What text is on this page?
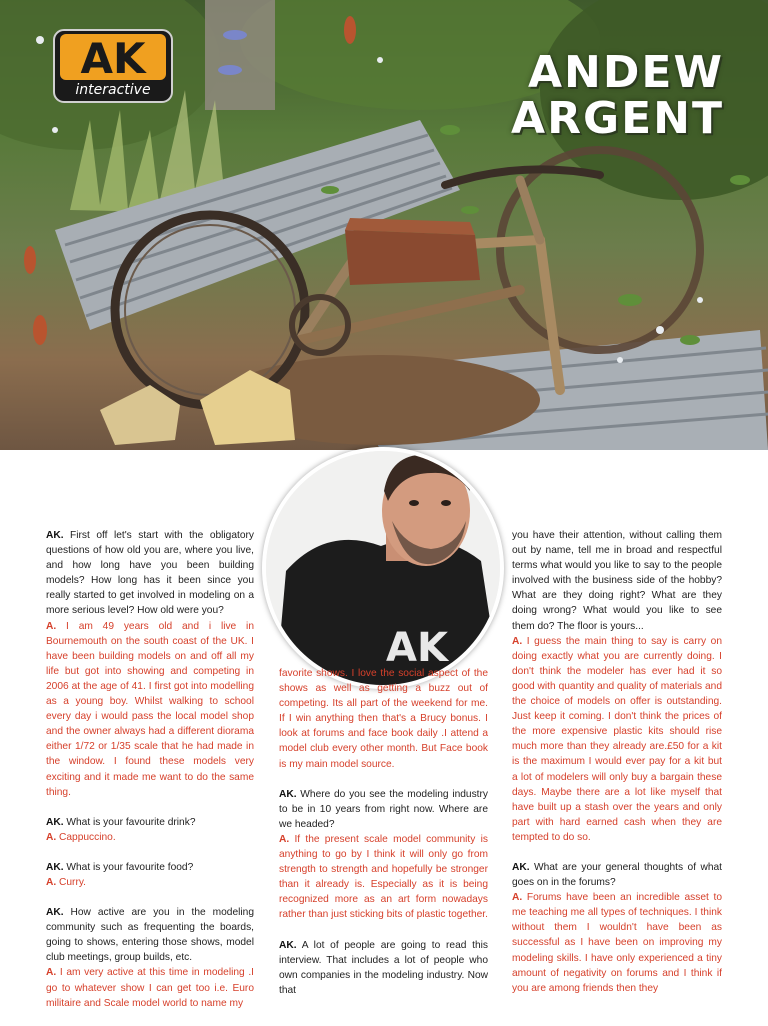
AK
interactive	ANDEW
ARGENT
AK

AK. First off let's start with the obligatory questions of how old you are, where you live, and how long have you been building models? How long has it been since you really started to get involved in modeling on a more serious level? How old were you?

A. I am 49 years old and i live in Bournemouth on the south coast of the UK. I have been building models on and off all my life but got into showing and competing in 2006 at the age of 41. I first got into modelling as a young boy. Whilst walking to school every day i would pass the local model shop and the owner always had a different diorama either 1/72 or 1/35 scale that he had made in the window. I found these models very exciting and it made me want to do the same thing.

AK. What is your favourite drink?

A. Cappuccino.

AK. What is your favourite food?

A. Curry.

AK. How active are you in the modeling community such as frequenting the boards, going to shows, entering those shows, model club meetings, group builds, etc.

A. I am very active at this time in modeling .I go to whatever show I can get too i.e. Euro militaire and Scale model world to name my

favorite shows. I love the social aspect of the shows as well as getting a buzz out of competing. Its all part of the weekend for me. If I win anything then that's a Brucy bonus. I look at forums and face book daily .I attend a model club every other month. But Face book is my main model source.

AK. Where do you see the modeling industry to be in 10 years from right now. Where are we headed?

A. If the present scale model community is anything to go by I think it will only go from strength to strength and hopefully be stronger than it already is. Especially as it is being recognized more as an art form nowadays rather than just sticking bits of plastic together.

AK. A lot of people are going to read this interview. That includes a lot of people who own companies in the modeling industry. Now that

you have their attention, without calling them out by name, tell me in broad and respectful terms what would you like to say to the people involved with the business side of the hobby? What are they doing right? What are they doing wrong? What would you like to see them do? The floor is yours...

A. I guess the main thing to say is carry on doing exactly what you are currently doing. I don't think the modeler has ever had it so good with quantity and quality of materials and the choice of models on offer is outstanding. Just keep it coming. I don't think the prices of the more expensive plastic kits should rise much more than they already are.£50 for a kit is the maximum I would ever pay for a kit but a lot of modelers will only buy a bargain these days. Maybe there are a lot like myself that have built up a stash over the years and only part with hard earned cash when they are tempted to do so.

AK. What are your general thoughts of what goes on in the forums?

A. Forums have been an incredible asset to me teaching me all types of techniques. I think without them I wouldn't have been as successful as I have been on improving my modeling skills. I have only experienced a tiny amount of negativity on forums and I think if you are among friends then they
